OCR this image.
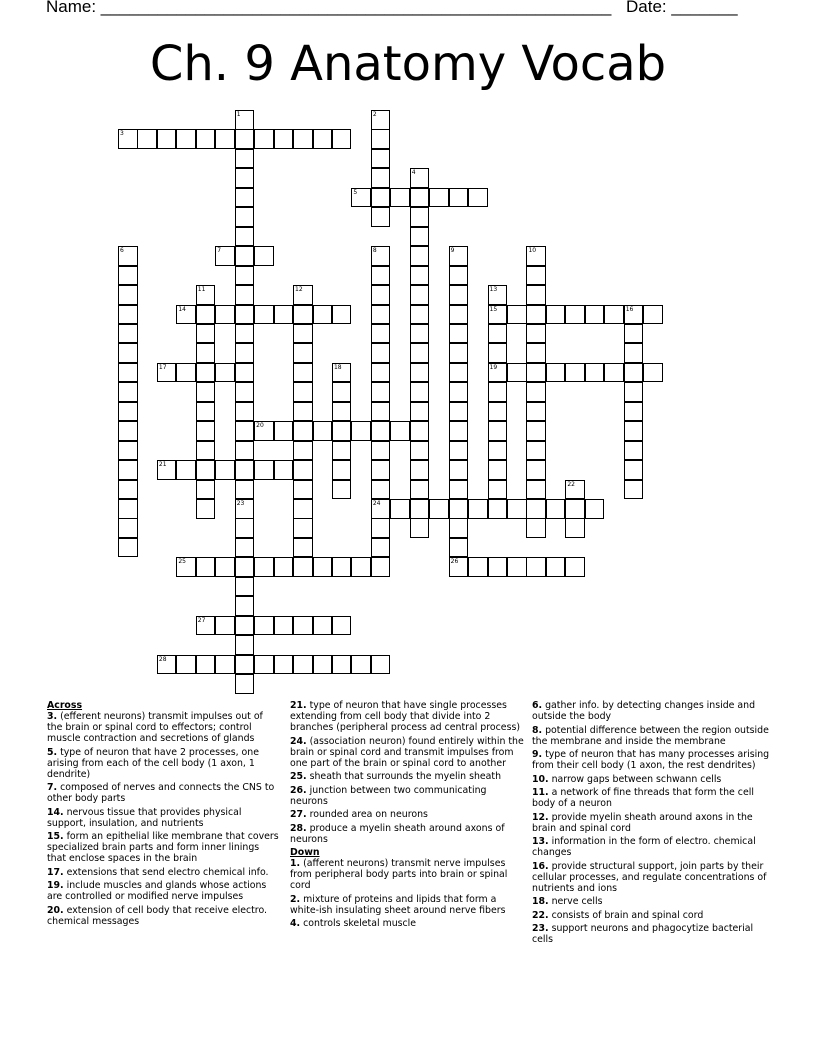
Name: ______________________________________________________ Date: _______
Ch. 9 Anatomy Vocab
3
5
7
14	15	16
17	19
20
21
24
25	26
27
28
1
23
2
4
6	8	9	10
11	12	13
18
22
Across
3. (efferent neurons) transmit impulses out of the brain or spinal cord to effectors; control muscle contraction and secretions of glands
5. type of neuron that have 2 processes, one arising from each of the cell body (1 axon, 1 dendrite)
7. composed of nerves and connects the CNS to other body parts
14. nervous tissue that provides physical support, insulation, and nutrients
15. form an epithelial like membrane that covers specialized brain parts and form inner linings that enclose spaces in the brain
17. extensions that send electro chemical info.
19. include muscles and glands whose actions are controlled or modified nerve impulses
20. extension of cell body that receive electro. chemical messages
21. type of neuron that have single processes extending from cell body that divide into 2 branches (peripheral process ad central process)
24. (association neuron) found entirely within the brain or spinal cord and transmit impulses from one part of the brain or spinal cord to another
25. sheath that surrounds the myelin sheath
26. junction between two communicating neurons
27. rounded area on neurons
28. produce a myelin sheath around axons of neurons
Down
1. (afferent neurons) transmit nerve impulses from peripheral body parts into brain or spinal cord
2. mixture of proteins and lipids that form a white-ish insulating sheet around nerve fibers
4. controls skeletal muscle
6. gather info. by detecting changes inside and outside the body
8. potential difference between the region outside the membrane and inside the membrane
9. type of neuron that has many processes arising from their cell body (1 axon, the rest dendrites)
10. narrow gaps between schwann cells
11. a network of fine threads that form the cell body of a neuron
12. provide myelin sheath around axons in the brain and spinal cord
13. information in the form of electro. chemical changes
16. provide structural support, join parts by their cellular processes, and regulate concentrations of nutrients and ions
18. nerve cells
22. consists of brain and spinal cord
23. support neurons and phagocytize bacterial cells
